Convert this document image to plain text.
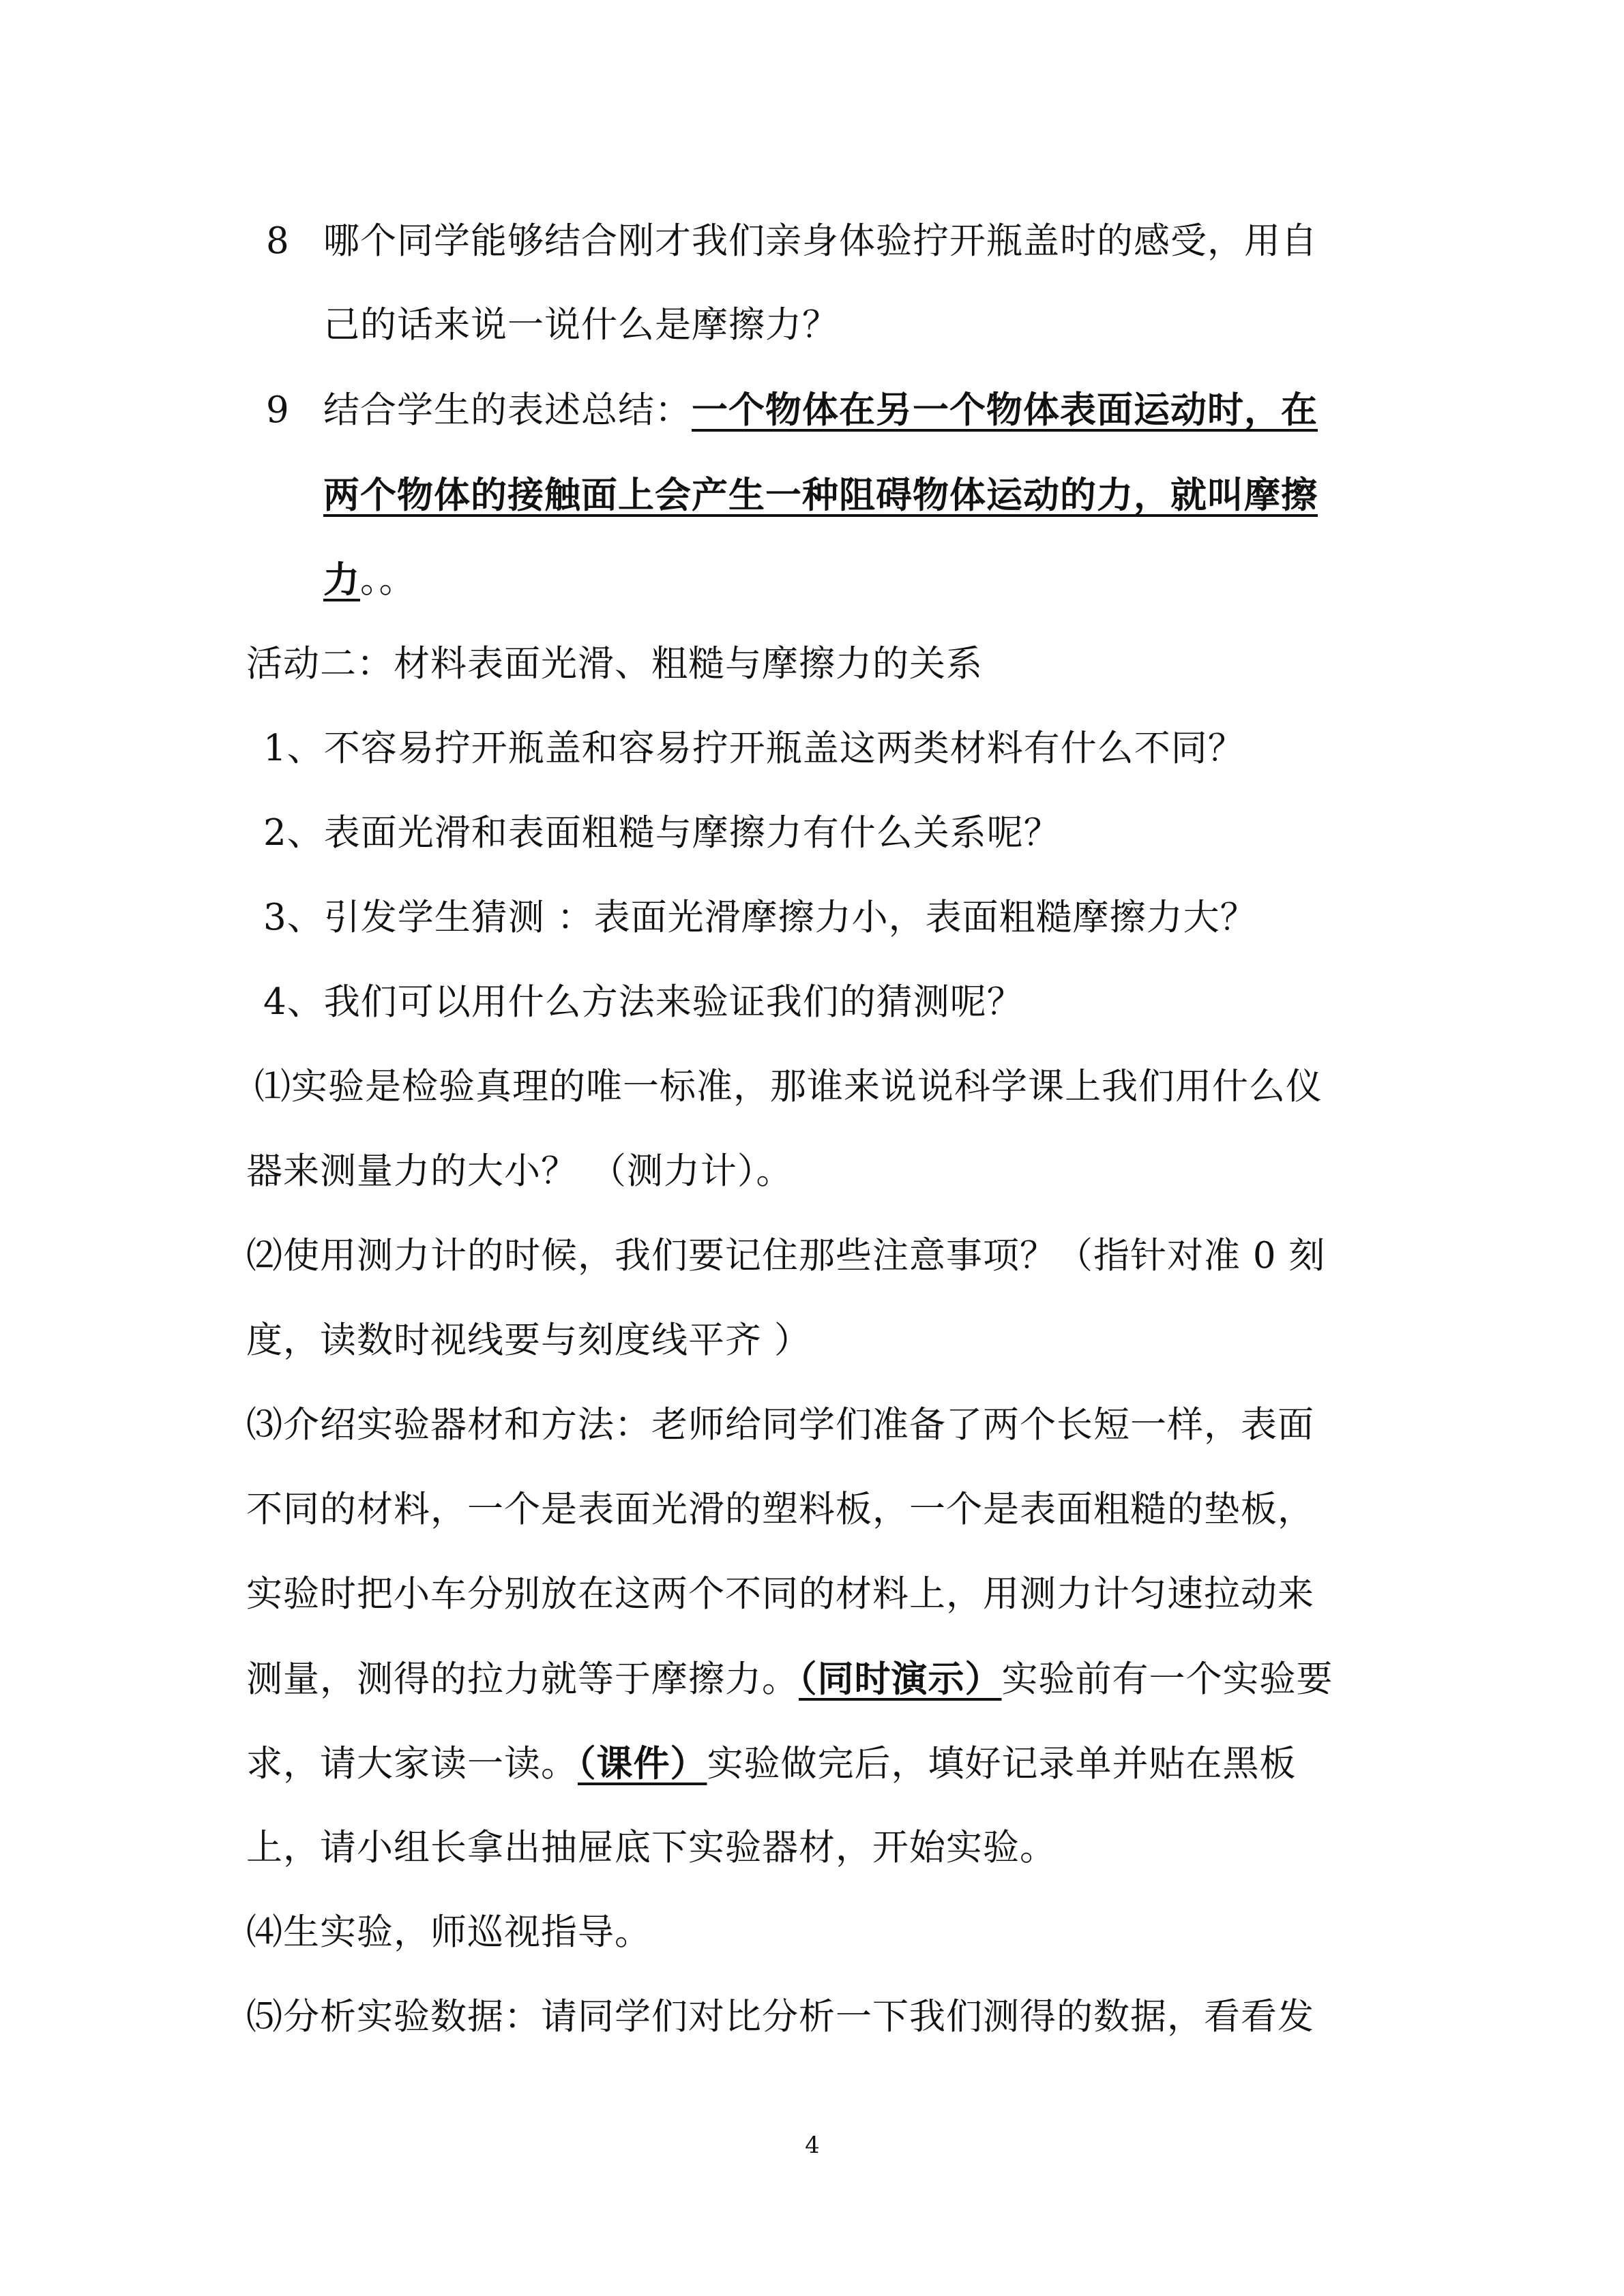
8 哪个同学能够结合刚才我们亲身体验拧开瓶盖时的感受，用自
己的话来说一说什么是摩擦力？
9 结合学生的表述总结：一个物体在另一个物体表面运动时，在
两个物体的接触面上会产生一种阻碍物体运动的力，就叫摩擦
力。。
活动二：材料表面光滑、粗糙与摩擦力的关系
1、不容易拧开瓶盖和容易拧开瓶盖这两类材料有什么不同？
2、表面光滑和表面粗糙与摩擦力有什么关系呢？
3、引发学生猜测 ：表面光滑摩擦力小，表面粗糙摩擦力大？
4、我们可以用什么方法来验证我们的猜测呢？
⑴实验是检验真理的唯一标准，那谁来说说科学课上我们用什么仪
器来测量力的大小？ （测力计）。
⑵使用测力计的时候，我们要记住那些注意事项？（指针对准 0 刻
度，读数时视线要与刻度线平齐 ）
⑶介绍实验器材和方法：老师给同学们准备了两个长短一样，表面
不同的材料，一个是表面光滑的塑料板，一个是表面粗糙的垫板，
实验时把小车分别放在这两个不同的材料上，用测力计匀速拉动来
测量，测得的拉力就等于摩擦力。（同时演示）实验前有一个实验要
求，请大家读一读。（课件）实验做完后，填好记录单并贴在黑板
上，请小组长拿出抽屉底下实验器材，开始实验。
⑷生实验，师巡视指导。
⑸分析实验数据：请同学们对比分析一下我们测得的数据，看看发
4
